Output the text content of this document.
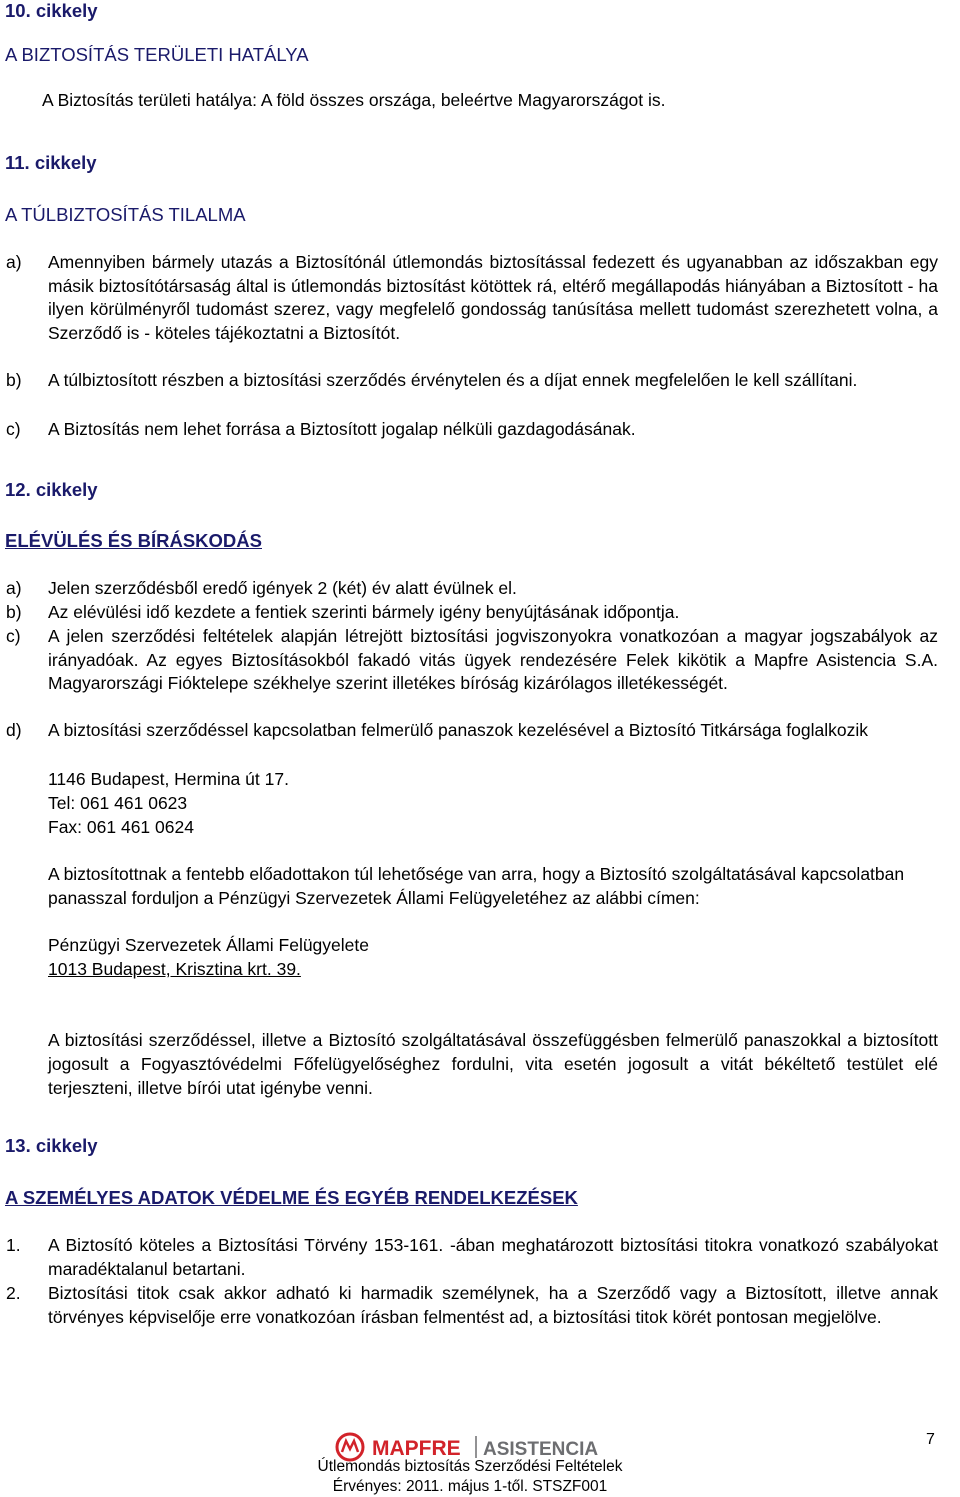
10. cikkely
A BIZTOSÍTÁS TERÜLETI HATÁLYA
A Biztosítás területi hatálya: A föld összes országa, beleértve Magyarországot is.
11. cikkely
A TÚLBIZTOSÍTÁS TILALMA
a) Amennyiben bármely utazás a Biztosítónál útlemondás biztosítással fedezett és ugyanabban az időszakban egy másik biztosítótársaság által is útlemondás biztosítást kötöttek rá, eltérő megállapodás hiányában a Biztosított - ha ilyen körülményről tudomást szerez, vagy megfelelő gondosság tanúsítása mellett tudomást szerezhetett volna, a Szerződő is - köteles tájékoztatni a Biztosítót.
b) A túlbiztosított részben a biztosítási szerződés érvénytelen és a díjat ennek megfelelően le kell szállítani.
c) A Biztosítás nem lehet forrása a Biztosított jogalap nélküli gazdagodásának.
12. cikkely
ELÉVÜLÉS ÉS BÍRÁSKODÁS
a) Jelen szerződésből eredő igények 2 (két) év alatt évülnek el.
b) Az elévülési idő kezdete a fentiek szerinti bármely igény benyújtásának időpontja.
c) A jelen szerződési feltételek alapján létrejött biztosítási jogviszonyokra vonatkozóan a magyar jogszabályok az irányadóak. Az egyes Biztosításokból fakadó vitás ügyek rendezésére Felek kikötik a Mapfre Asistencia S.A. Magyarországi Fióktelepe székhelye szerint illetékes bíróság kizárólagos illetékességét.
d) A biztosítási szerződéssel kapcsolatban felmerülő panaszok kezelésével a Biztosító Titkársága foglalkozik
1146 Budapest, Hermina út 17.
Tel: 061 461 0623
Fax: 061 461 0624
A biztosítottnak a fentebb előadottakon túl lehetősége van arra, hogy a Biztosító szolgáltatásával kapcsolatban panasszal forduljon a Pénzügyi Szervezetek Állami Felügyeletéhez az alábbi címen:
Pénzügyi Szervezetek Állami Felügyelete
1013 Budapest, Krisztina krt. 39.
A biztosítási szerződéssel, illetve a Biztosító szolgáltatásával összefüggésben felmerülő panaszokkal a biztosított jogosult a Fogyasztóvédelmi Főfelügyelőséghez fordulni, vita esetén jogosult a vitát békéltető testület elé terjeszteni, illetve bírói utat igénybe venni.
13. cikkely
A SZEMÉLYES ADATOK VÉDELME ÉS EGYÉB RENDELKEZÉSEK
1. A Biztosító köteles a Biztosítási Törvény 153-161. -ában meghatározott biztosítási titokra vonatkozó szabályokat maradéktalanul betartani.
2. Biztosítási titok csak akkor adható ki harmadik személynek, ha a Szerződő vagy a Biztosított, illetve annak törvényes képviselője erre vonatkozóan írásban felmentést ad, a biztosítási titok körét pontosan megjelölve.
MAPFRE ASISTENCIA	7
Útlemondás biztosítás Szerződési Feltételek
Érvényes: 2011. május 1-től. STSZF001
